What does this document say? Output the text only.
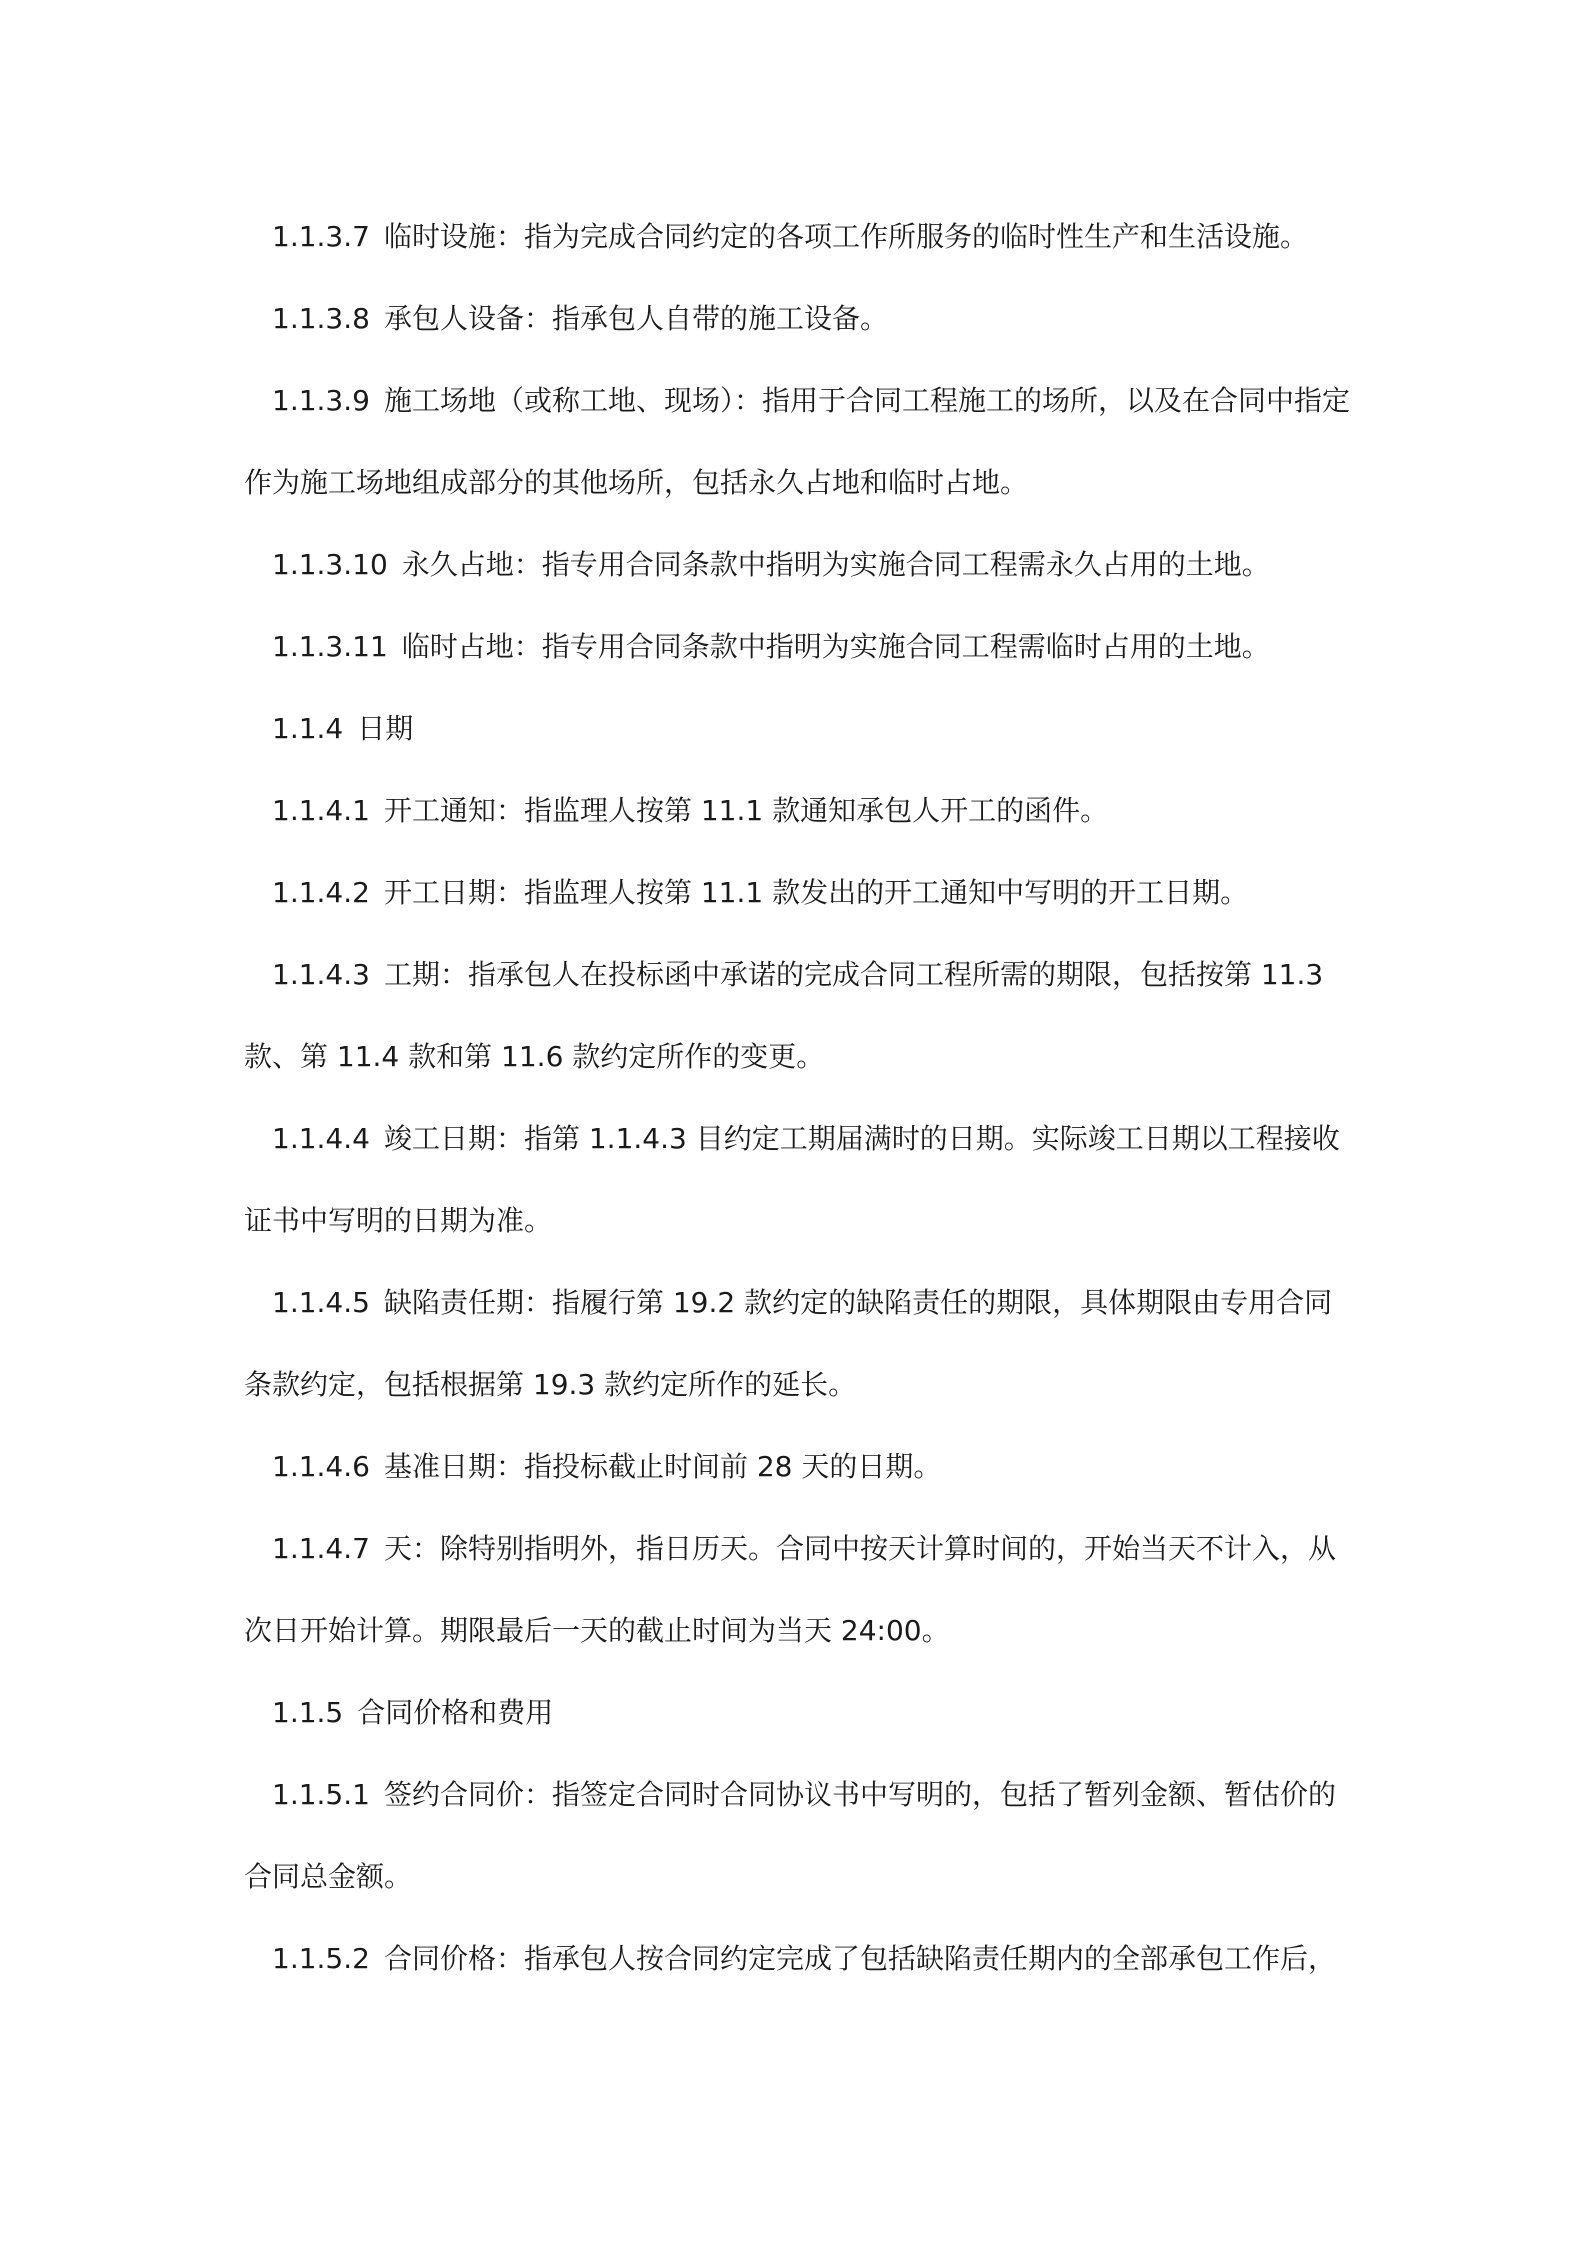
1.1.3.7 临时设施：指为完成合同约定的各项工作所服务的临时性生产和生活设施。

1.1.3.8 承包人设备：指承包人自带的施工设备。

1.1.3.9 施工场地（或称工地、现场）：指用于合同工程施工的场所，以及在合同中指定作为施工场地组成部分的其他场所，包括永久占地和临时占地。

1.1.3.10 永久占地：指专用合同条款中指明为实施合同工程需永久占用的土地。

1.1.3.11 临时占地：指专用合同条款中指明为实施合同工程需临时占用的土地。

1.1.4 日期

1.1.4.1 开工通知：指监理人按第 11.1 款通知承包人开工的函件。

1.1.4.2 开工日期：指监理人按第 11.1 款发出的开工通知中写明的开工日期。

1.1.4.3 工期：指承包人在投标函中承诺的完成合同工程所需的期限，包括按第 11.3 款、第 11.4 款和第 11.6 款约定所作的变更。

1.1.4.4 竣工日期：指第 1.1.4.3 目约定工期届满时的日期。实际竣工日期以工程接收证书中写明的日期为准。

1.1.4.5 缺陷责任期：指履行第 19.2 款约定的缺陷责任的期限，具体期限由专用合同条款约定，包括根据第 19.3 款约定所作的延长。

1.1.4.6 基准日期：指投标截止时间前 28 天的日期。

1.1.4.7 天：除特别指明外，指日历天。合同中按天计算时间的，开始当天不计入，从次日开始计算。期限最后一天的截止时间为当天 24:00。

1.1.5 合同价格和费用

1.1.5.1 签约合同价：指签定合同时合同协议书中写明的，包括了暂列金额、暂估价的合同总金额。

1.1.5.2 合同价格：指承包人按合同约定完成了包括缺陷责任期内的全部承包工作后，
